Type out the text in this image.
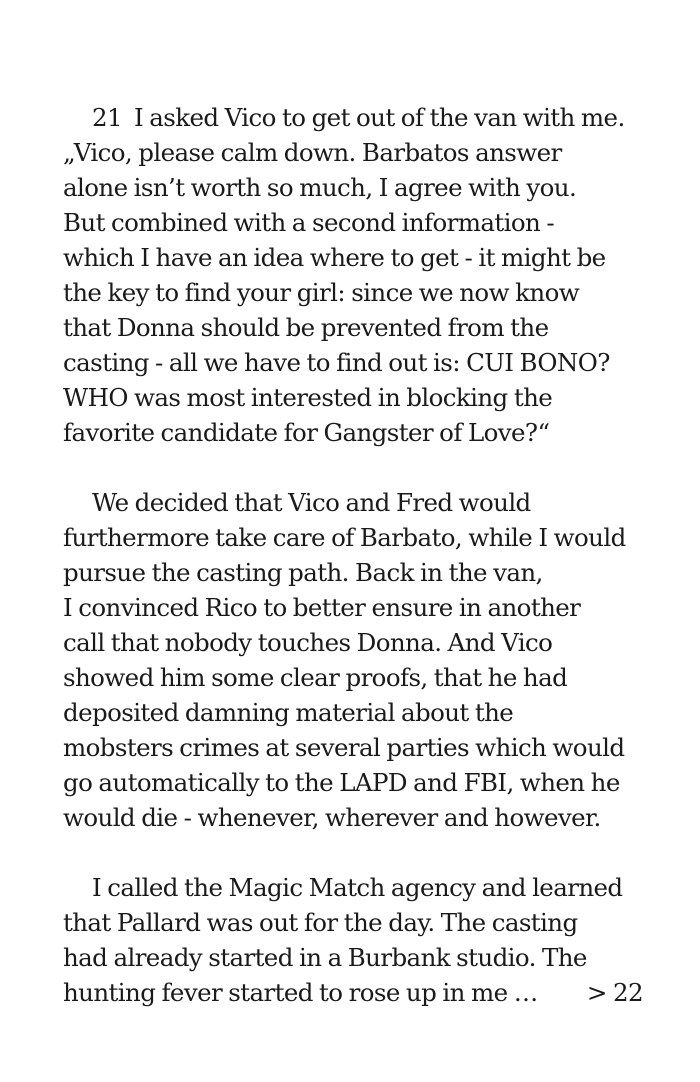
21 I asked Vico to get out of the van with me.
„Vico, please calm down. Barbatos answer
alone isn’t worth so much, I agree with you.
But combined with a second information -
which I have an idea where to get - it might be
the key to find your girl: since we now know
that Donna should be prevented from the
casting - all we have to find out is: CUI BONO?
WHO was most interested in blocking the
favorite candidate for Gangster of Love?“
We decided that Vico and Fred would
furthermore take care of Barbato, while I would
pursue the casting path. Back in the van,
I convinced Rico to better ensure in another
call that nobody touches Donna. And Vico
showed him some clear proofs, that he had
deposited damning material about the
mobsters crimes at several parties which would
go automatically to the LAPD and FBI, when he
would die - whenever, wherever and however.
I called the Magic Match agency and learned
that Pallard was out for the day. The casting
had already started in a Burbank studio. The
hunting fever started to rose up in me … > 22
